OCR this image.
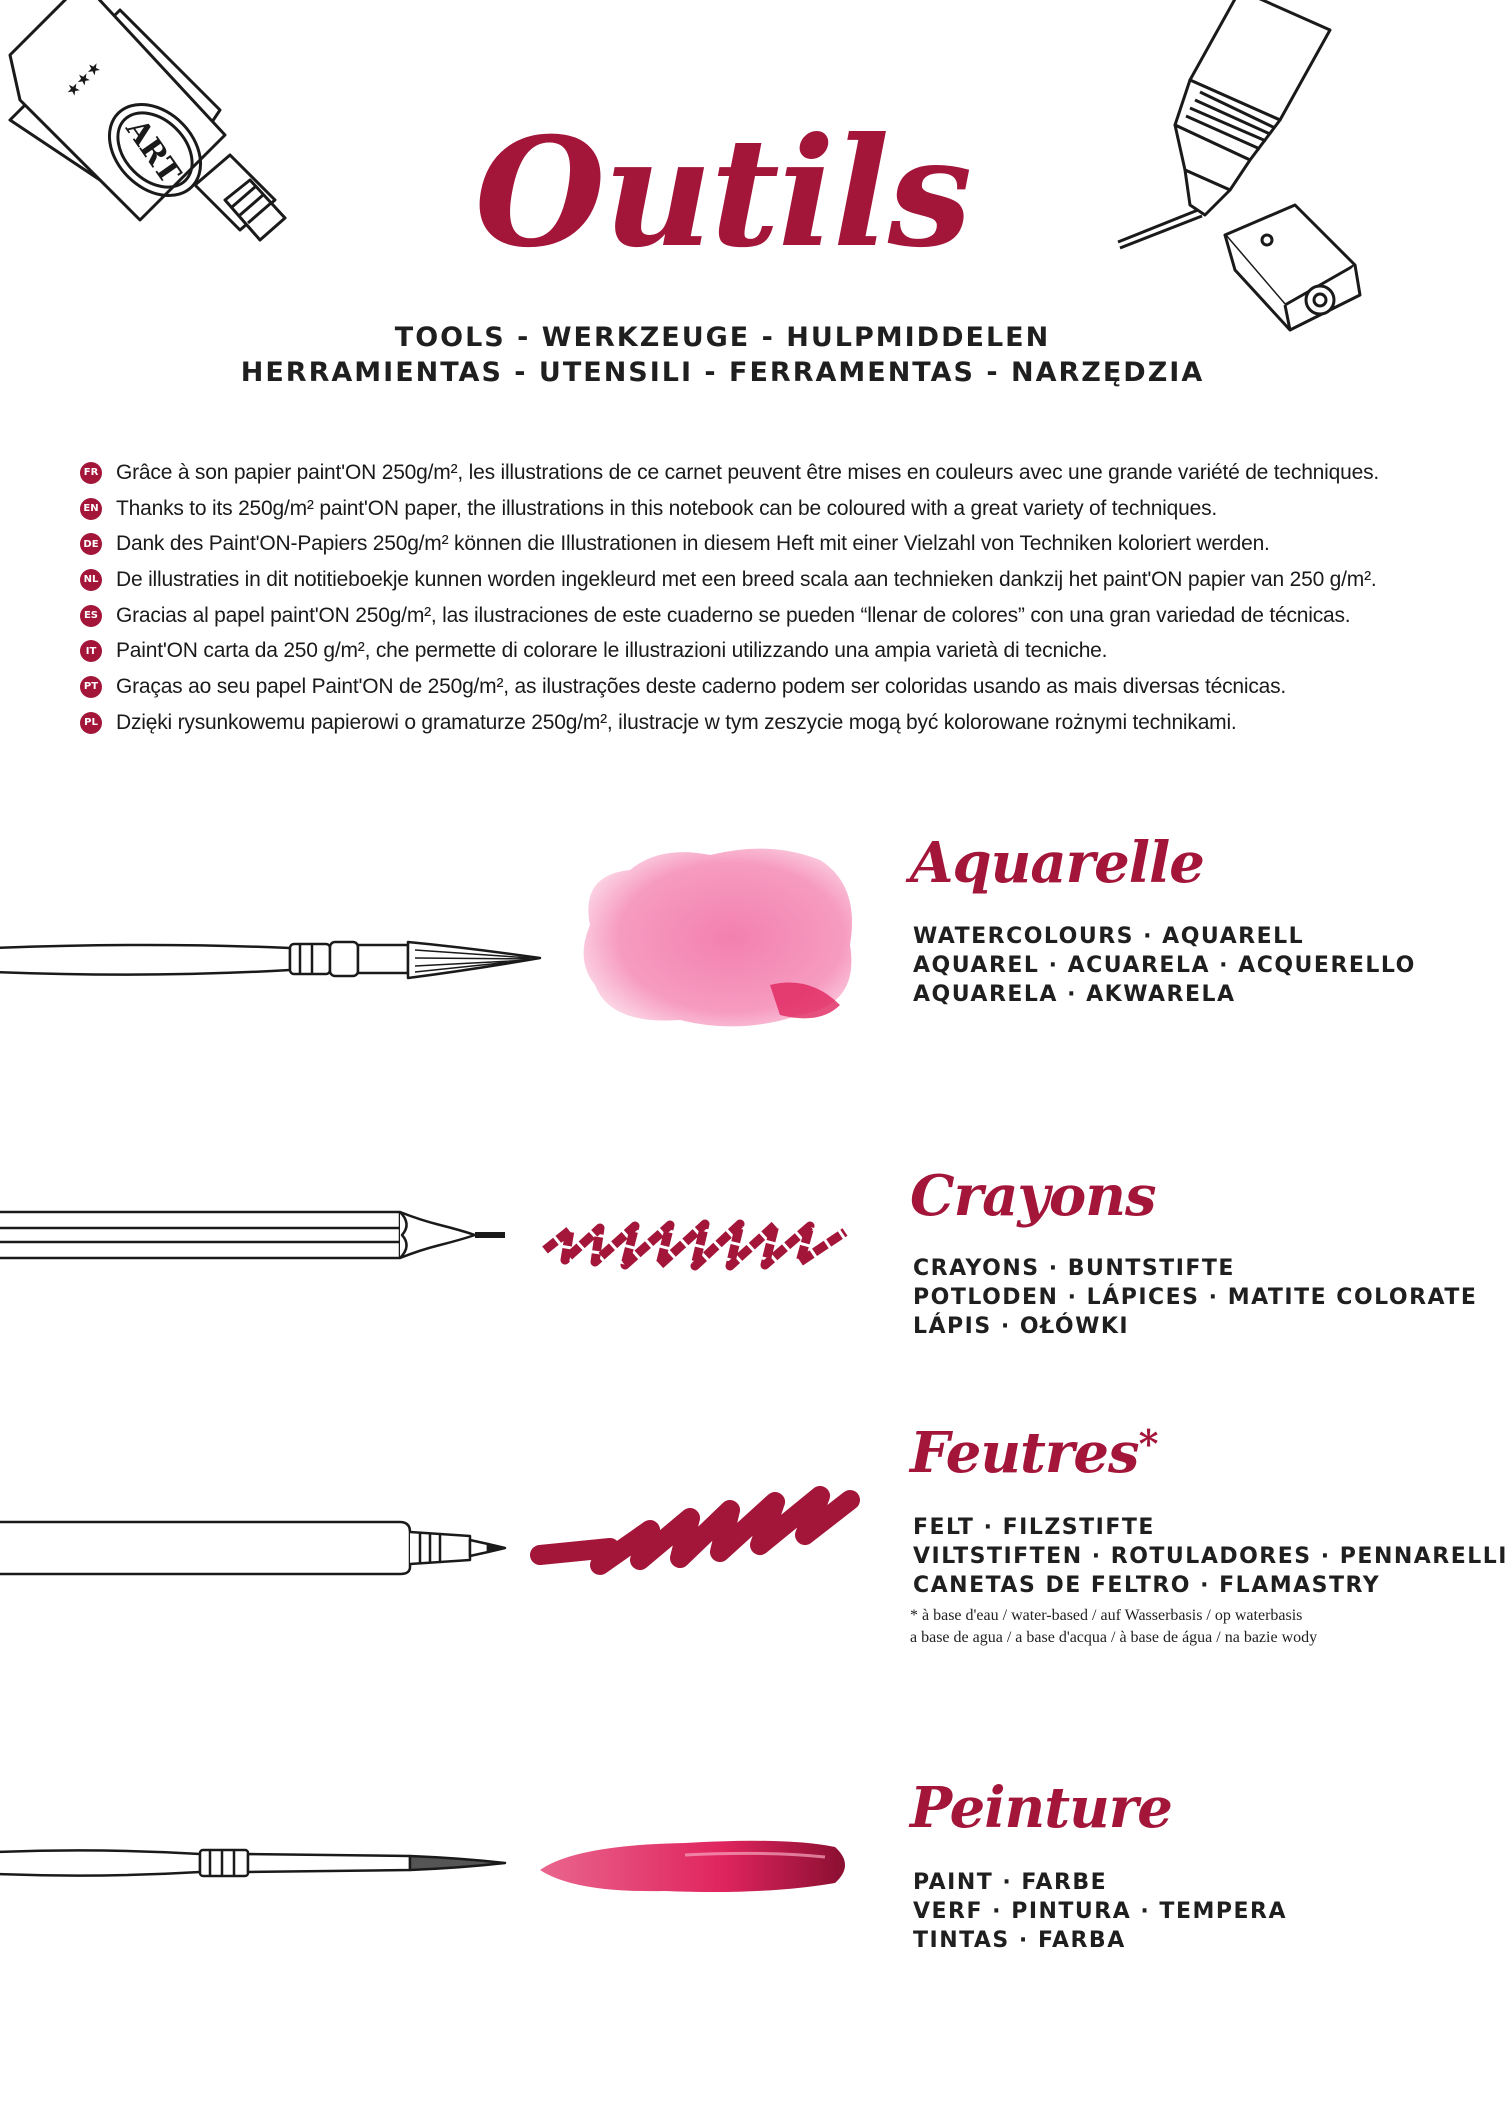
ART
★★★
Outils
TOOLS - WERKZEUGE - HULPMIDDELEN
HERRAMIENTAS - UTENSILI - FERRAMENTAS - NARZĘDZIA
FR Grâce à son papier paint'ON 250g/m², les illustrations de ce carnet peuvent être mises en couleurs avec une grande variété de techniques.
EN Thanks to its 250g/m² paint'ON paper, the illustrations in this notebook can be coloured with a great variety of techniques.
DE Dank des Paint'ON-Papiers 250g/m² können die Illustrationen in diesem Heft mit einer Vielzahl von Techniken koloriert werden.
NL De illustraties in dit notitieboekje kunnen worden ingekleurd met een breed scala aan technieken dankzij het paint'ON papier van 250 g/m².
ES Gracias al papel paint'ON 250g/m², las ilustraciones de este cuaderno se pueden “llenar de colores” con una gran variedad de técnicas.
IT Paint'ON carta da 250 g/m², che permette di colorare le illustrazioni utilizzando una ampia varietà di tecniche.
PT Graças ao seu papel Paint'ON de 250g/m², as ilustrações deste caderno podem ser coloridas usando as mais diversas técnicas.
PL Dzięki rysunkowemu papierowi o gramaturze 250g/m², ilustracje w tym zeszycie mogą być kolorowane rożnymi technikami.
Aquarelle
WATERCOLOURS · AQUARELL
AQUAREL · ACUARELA · ACQUERELLO
AQUARELA · AKWARELA
Crayons
CRAYONS · BUNTSTIFTE
POTLODEN · LÁPICES · MATITE COLORATE
LÁPIS · OŁÓWKI
Feutres*
FELT · FILZSTIFTE
VILTSTIFTEN · ROTULADORES · PENNARELLI
CANETAS DE FELTRO · FLAMASTRY
* à base d'eau / water-based / auf Wasserbasis / op waterbasis
a base de agua / a base d'acqua / à base de água / na bazie wody
Peinture
PAINT · FARBE
VERF · PINTURA · TEMPERA
TINTAS · FARBA
